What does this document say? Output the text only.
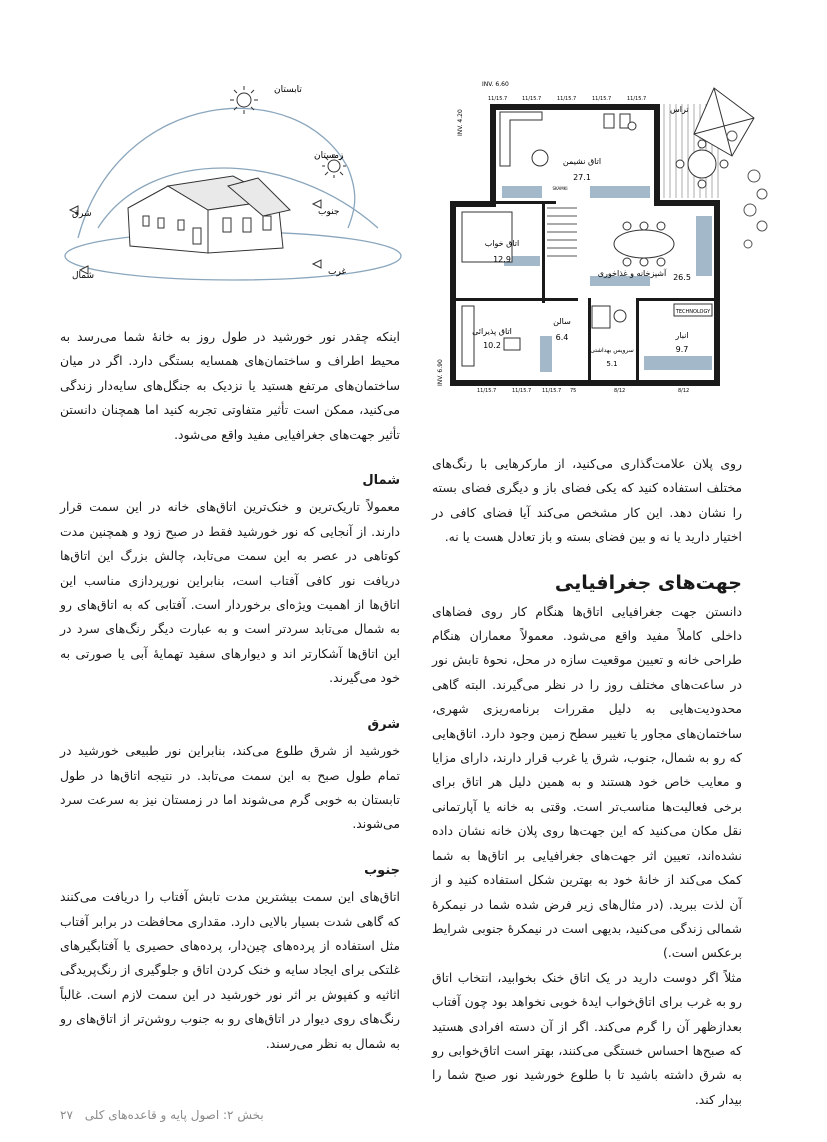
تابستان
زمستان
جنوب
شرق
غرب
شمال
INV. 6.60
11/15.7	11/15.7	11/15.7	11/15.7	11/15.7
INV. 4.20
INV. 6.90
11/15.7	11/15.7 11/15.7 75	8/12	8/12
تراس
اتاق نشیمن
27.1
اتاق خواب
12.9
آشپزخانه و غذاخوری 26.5
سالن
6.4
اتاق پذیرائی
10.2
سرویس بهداشتی
5.1
انبار
9.7
TECHNOLOGY
SKAMKI

روی پلان علامت‌گذاری می‌کنید، از مارکرهایی با رنگ‌های مختلف استفاده کنید که یکی فضای باز و دیگری فضای بسته را نشان دهد. این کار مشخص می‌کند آیا فضای کافی در اختیار دارید یا نه و بین فضای بسته و باز تعادل هست یا نه.

جهت‌های جغرافیایی

دانستن جهت جغرافیایی اتاق‌ها هنگام کار روی فضاهای داخلی کاملاً مفید واقع می‌شود. معمولاً معماران هنگام طراحی خانه و تعیین موقعیت سازه در محل، نحوهٔ تابش نور در ساعت‌های مختلف روز را در نظر می‌گیرند. البته گاهی محدودیت‌هایی به دلیل مقررات برنامه‌ریزی شهری، ساختمان‌های مجاور یا تغییر سطح زمین وجود دارد. اتاق‌هایی که رو به شمال، جنوب، شرق یا غرب قرار دارند، دارای مزایا و معایب خاص خود هستند و به همین دلیل هر اتاق برای برخی فعالیت‌ها مناسب‌تر است. وقتی به خانه یا آپارتمانی نقل مکان می‌کنید که این جهت‌ها روی پلان خانه نشان داده نشده‌اند، تعیین اثر جهت‌های جغرافیایی بر اتاق‌ها به شما کمک می‌کند از خانهٔ خود به بهترین شکل استفاده کنید و از آن لذت ببرید. (در مثال‌های زیر فرض شده شما در نیمکرهٔ شمالی زندگی می‌کنید، بدیهی است در نیمکرهٔ جنوبی شرایط برعکس است.)

مثلاً اگر دوست دارید در یک اتاق خنک بخوابید، انتخاب اتاق رو به غرب برای اتاق‌خواب ایدهٔ خوبی نخواهد بود چون آفتاب بعدازظهر آن را گرم می‌کند. اگر از آن دسته افرادی هستید که صبح‌ها احساس خستگی می‌کنند، بهتر است اتاق‌خوابی رو به شرق داشته باشید تا با طلوع خورشید نور صبح شما را بیدار کند.

اینکه چقدر نور خورشید در طول روز به خانهٔ شما می‌رسد به محیط اطراف و ساختمان‌های همسایه بستگی دارد. اگر در میان ساختمان‌های مرتفع هستید یا نزدیک به جنگل‌های سایه‌دار زندگی می‌کنید، ممکن است تأثیر متفاوتی تجربه کنید اما همچنان دانستن تأثیر جهت‌های جغرافیایی مفید واقع می‌شود.

شمال

معمولاً تاریک‌ترین و خنک‌ترین اتاق‌های خانه در این سمت قرار دارند. از آنجایی که نور خورشید فقط در صبح زود و همچنین مدت کوتاهی در عصر به این سمت می‌تابد، چالش بزرگ این اتاق‌ها دریافت نور کافی آفتاب است، بنابراین نورپردازی مناسب این اتاق‌ها از اهمیت ویژه‌ای برخوردار است. آفتابی که به اتاق‌های رو به شمال می‌تابد سردتر است و به عبارت دیگر رنگ‌های سرد در این اتاق‌ها آشکارتر اند و دیوارهای سفید تهمایهٔ آبی یا صورتی به خود می‌گیرند.

شرق

خورشید از شرق طلوع می‌کند، بنابراین نور طبیعی خورشید در تمام طول صبح به این سمت می‌تابد. در نتیجه اتاق‌ها در طول تابستان به خوبی گرم می‌شوند اما در زمستان نیز به سرعت سرد می‌شوند.

جنوب

اتاق‌های این سمت بیشترین مدت تابش آفتاب را دریافت می‌کنند که گاهی شدت بسیار بالایی دارد. مقداری محافظت در برابر آفتاب مثل استفاده از پرده‌های چین‌دار، پرده‌های حصیری یا آفتابگیرهای غلتکی برای ایجاد سایه و خنک کردن اتاق و جلوگیری از رنگ‌پریدگی اثاثیه و کفپوش بر اثر نور خورشید در این سمت لازم است. غالباً رنگ‌های روی دیوار در اتاق‌های رو به جنوب روشن‌تر از اتاق‌های رو به شمال به نظر می‌رسند.

بخش ۲: اصول پایه و قاعده‌های کلی ۲۷
